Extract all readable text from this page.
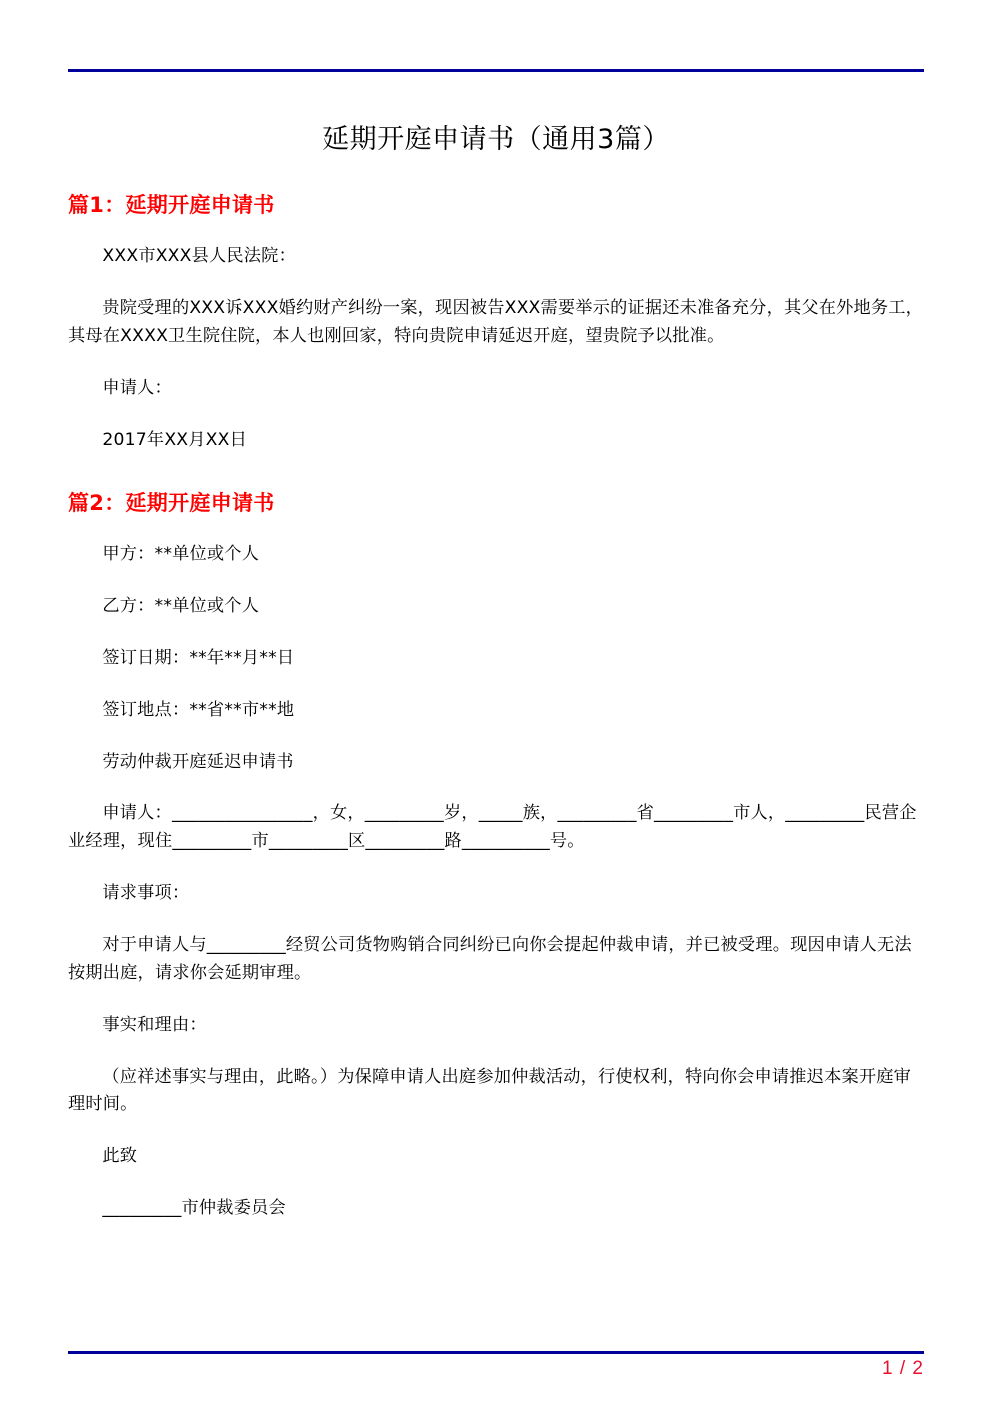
延期开庭申请书（通用3篇）
篇1：延期开庭申请书

XXX市XXX县人民法院：

贵院受理的XXX诉XXX婚约财产纠纷一案，现因被告XXX需要举示的证据还未准备充分，其父在外地务工，其母在XXXX卫生院住院，本人也刚回家，特向贵院申请延迟开庭，望贵院予以批准。

申请人：

2017年XX月XX日

篇2：延期开庭申请书

甲方：**单位或个人

乙方：**单位或个人

签订日期：**年**月**日

签订地点：**省**市**地

劳动仲裁开庭延迟申请书

申请人：________________，女，_________岁，_____族，_________省_________市人，_________民营企业经理，现住_________市_________区_________路__________号。

请求事项：

对于申请人与_________经贸公司货物购销合同纠纷已向你会提起仲裁申请，并已被受理。现因申请人无法按期出庭，请求你会延期审理。

事实和理由：

（应祥述事实与理由，此略。）为保障申请人出庭参加仲裁活动，行使权利，特向你会申请推迟本案开庭审理时间。

此致

_________市仲裁委员会

1 / 2
